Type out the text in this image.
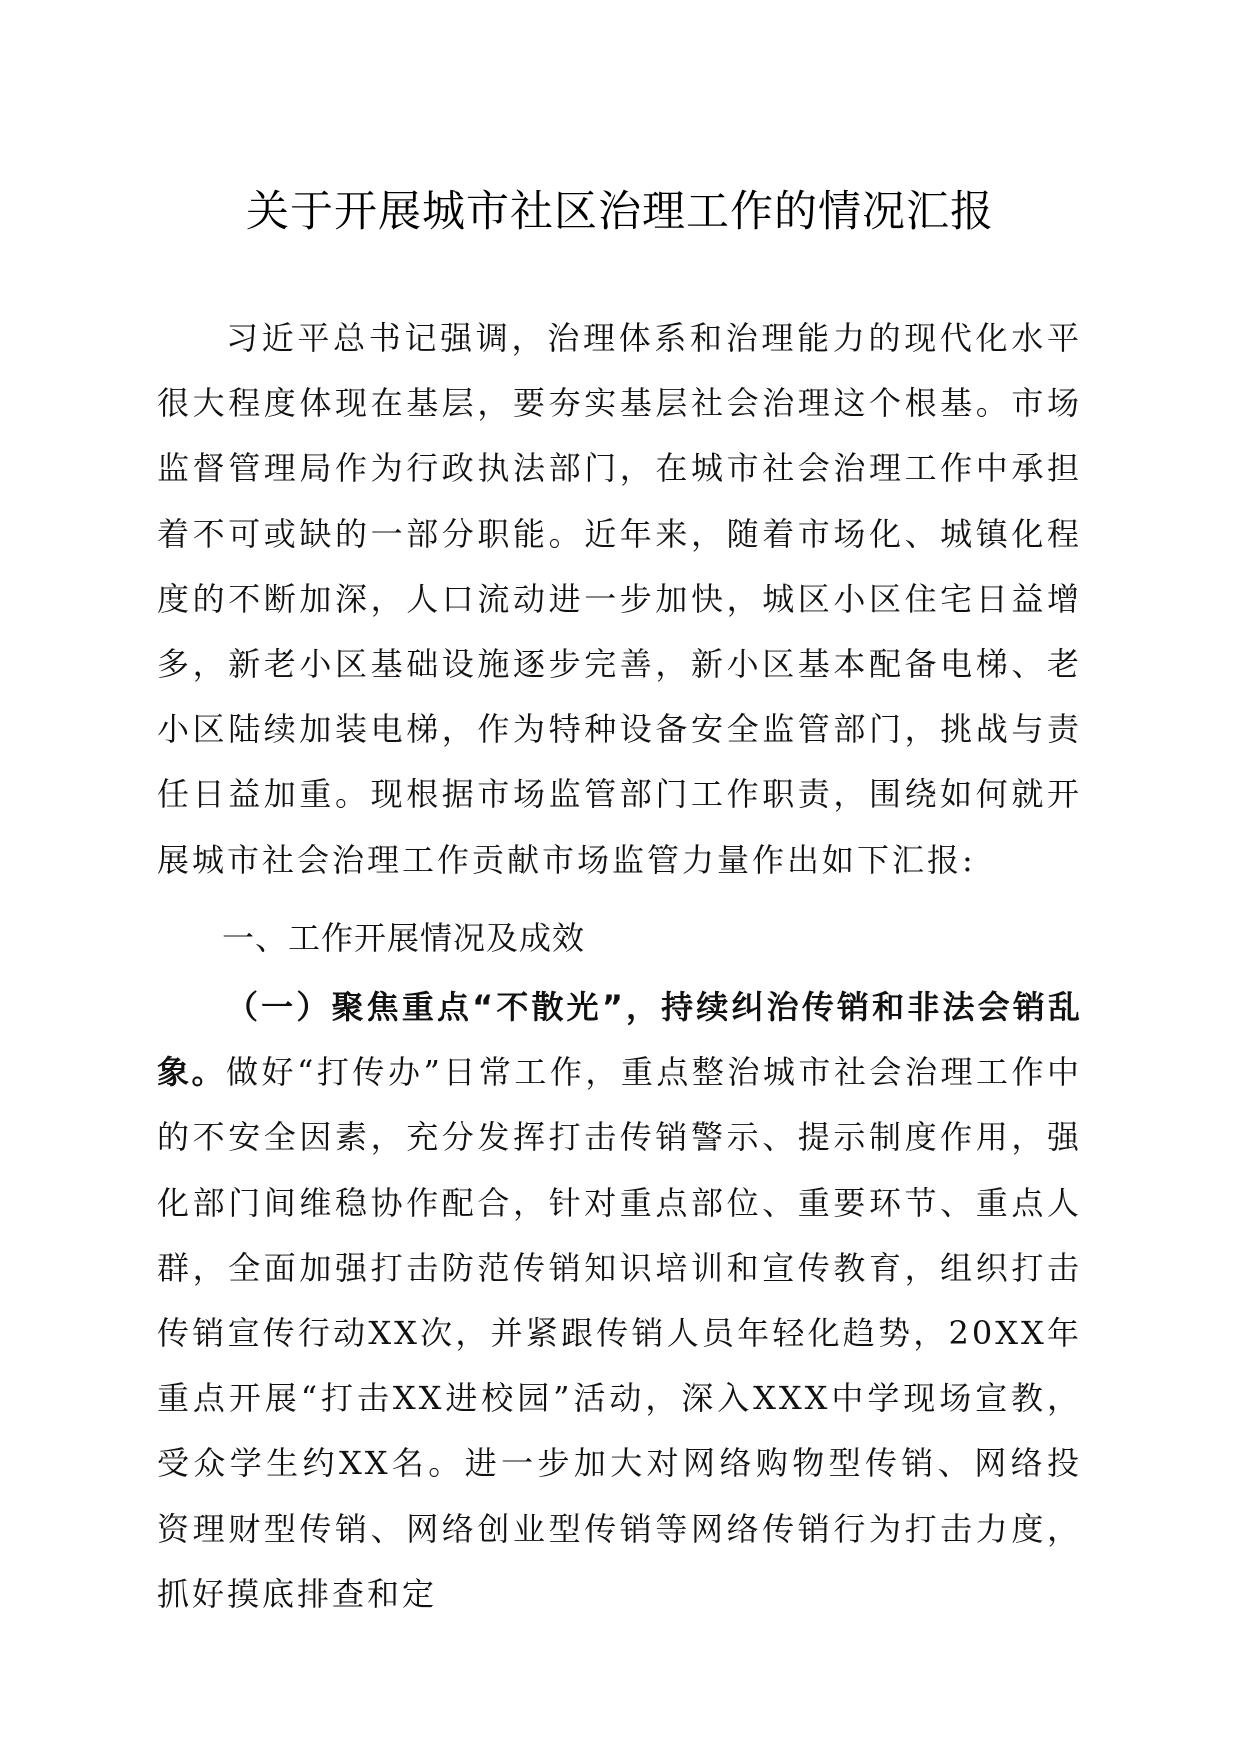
关于开展城市社区治理工作的情况汇报

习近平总书记强调，治理体系和治理能力的现代化水平很大程度体现在基层，要夯实基层社会治理这个根基。市场监督管理局作为行政执法部门，在城市社会治理工作中承担着不可或缺的一部分职能。近年来，随着市场化、城镇化程度的不断加深，人口流动进一步加快，城区小区住宅日益增多，新老小区基础设施逐步完善，新小区基本配备电梯、老小区陆续加装电梯，作为特种设备安全监管部门，挑战与责任日益加重。现根据市场监管部门工作职责，围绕如何就开展城市社会治理工作贡献市场监管力量作出如下汇报:

一、工作开展情况及成效

（一）聚焦重点“不散光”，持续纠治传销和非法会销乱象。做好“打传办”日常工作，重点整治城市社会治理工作中的不安全因素，充分发挥打击传销警示、提示制度作用，强化部门间维稳协作配合，针对重点部位、重要环节、重点人群，全面加强打击防范传销知识培训和宣传教育，组织打击传销宣传行动XX次，并紧跟传销人员年轻化趋势，20XX年重点开展“打击XX进校园”活动，深入XXX中学现场宣教，受众学生约XX名。进一步加大对网络购物型传销、网络投资理财型传销、网络创业型传销等网络传销行为打击力度，抓好摸底排查和定
